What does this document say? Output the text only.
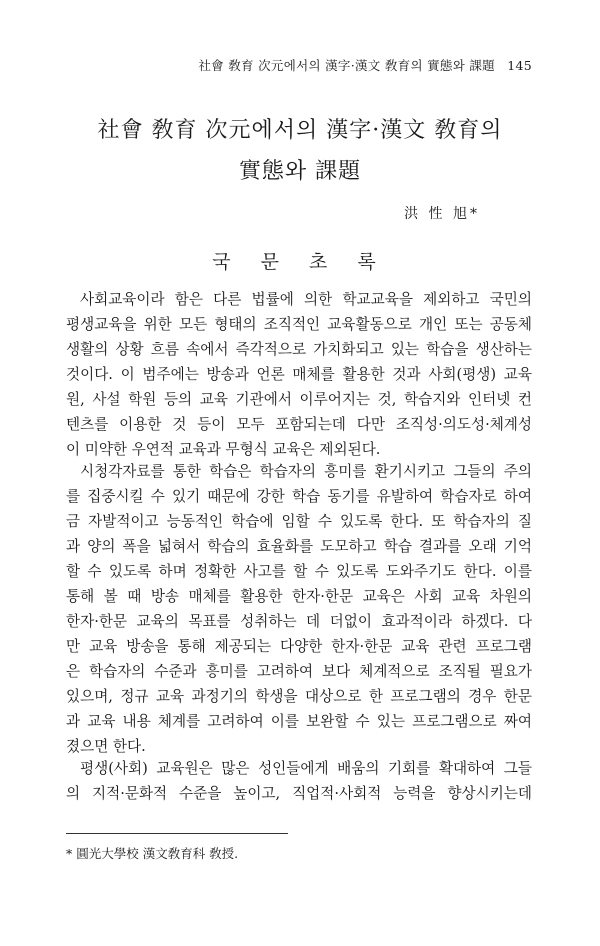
社會 敎育 次元에서의 漢字·漢文 敎育의 實態와 課題 145
社會 敎育 次元에서의 漢字·漢文 敎育의
實態와 課題
洪 性 旭*
국 문 초 록
사회교육이라 함은 다른 법률에 의한 학교교육을 제외하고 국민의
평생교육을 위한 모든 형태의 조직적인 교육활동으로 개인 또는 공동체
생활의 상황 흐름 속에서 즉각적으로 가치화되고 있는 학습을 생산하는
것이다. 이 범주에는 방송과 언론 매체를 활용한 것과 사회(평생) 교육
원, 사설 학원 등의 교육 기관에서 이루어지는 것, 학습지와 인터넷 컨
텐츠를 이용한 것 등이 모두 포함되는데 다만 조직성·의도성·체계성
이 미약한 우연적 교육과 무형식 교육은 제외된다.
시청각자료를 통한 학습은 학습자의 흥미를 환기시키고 그들의 주의
를 집중시킬 수 있기 때문에 강한 학습 동기를 유발하여 학습자로 하여
금 자발적이고 능동적인 학습에 임할 수 있도록 한다. 또 학습자의 질
과 양의 폭을 넓혀서 학습의 효율화를 도모하고 학습 결과를 오래 기억
할 수 있도록 하며 정확한 사고를 할 수 있도록 도와주기도 한다. 이를
통해 볼 때 방송 매체를 활용한 한자·한문 교육은 사회 교육 차원의
한자·한문 교육의 목표를 성취하는 데 더없이 효과적이라 하겠다. 다
만 교육 방송을 통해 제공되는 다양한 한자·한문 교육 관련 프로그램
은 학습자의 수준과 흥미를 고려하여 보다 체계적으로 조직될 필요가
있으며, 정규 교육 과정기의 학생을 대상으로 한 프로그램의 경우 한문
과 교육 내용 체계를 고려하여 이를 보완할 수 있는 프로그램으로 짜여
졌으면 한다.
평생(사회) 교육원은 많은 성인들에게 배움의 기회를 확대하여 그들
의 지적·문화적 수준을 높이고, 직업적·사회적 능력을 향상시키는데
* 圓光大學校 漢文敎育科 敎授.
